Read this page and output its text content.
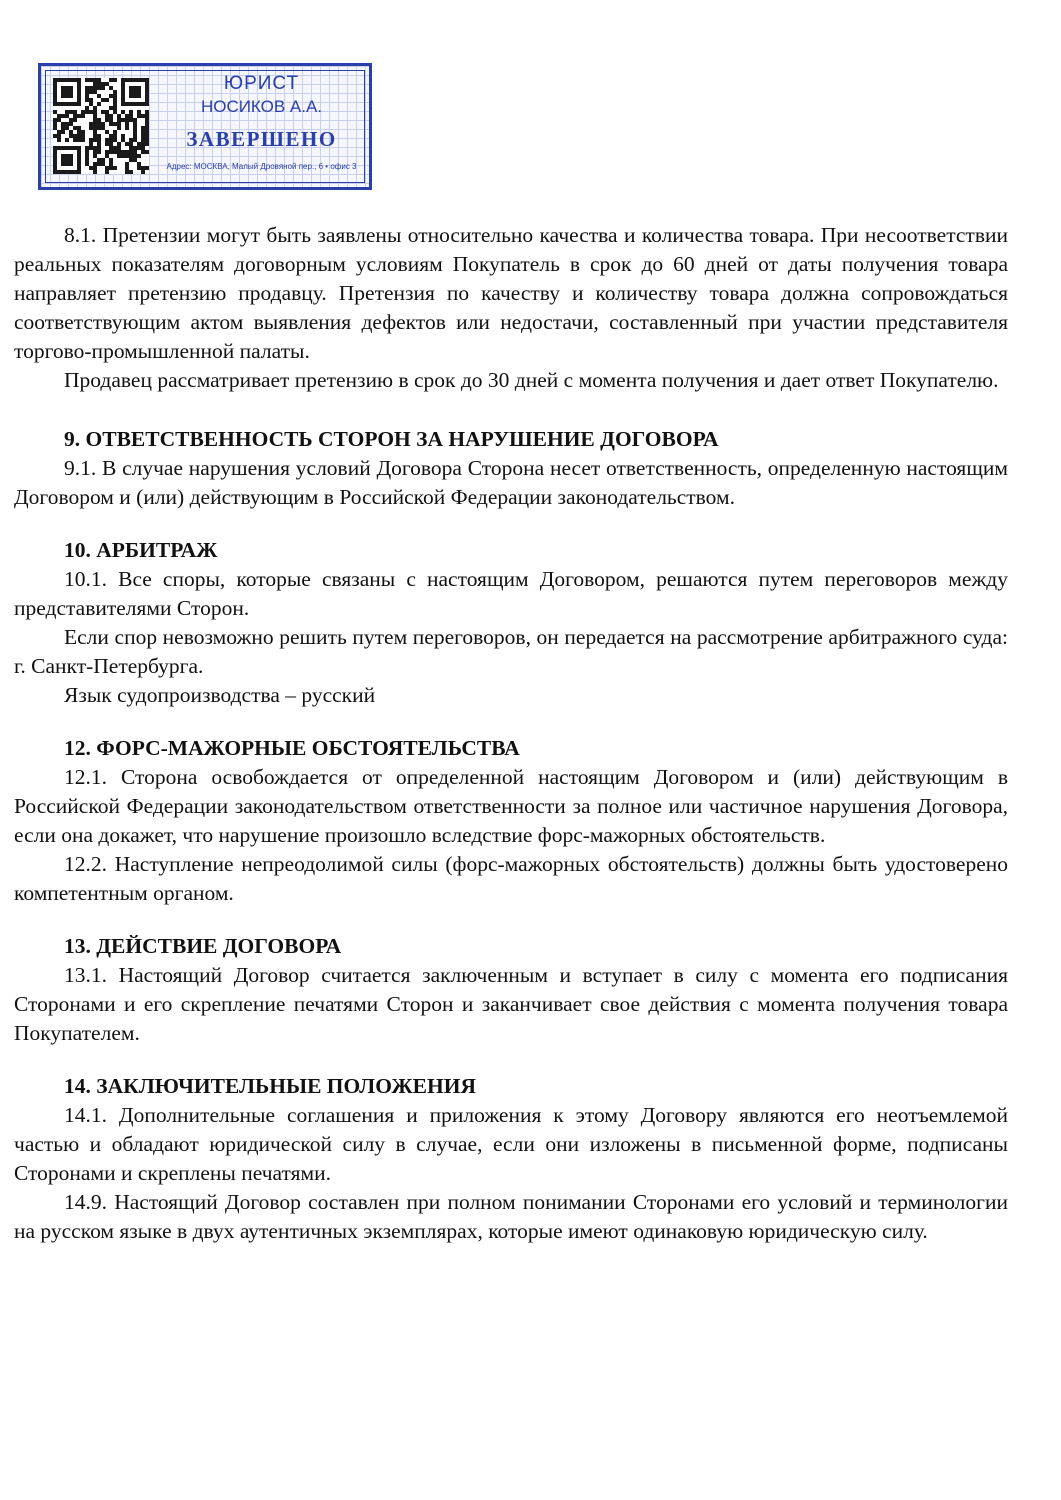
ЮРИСТ
НОСИКОВ А.А.
ЗАВЕРШЕНО
Адрес: МОСКВА, Малый Дровяной пер., 6 • офис 3

8.1. Претензии могут быть заявлены относительно качества и количества товара. При несоответствии реальных показателям договорным условиям Покупатель в срок до 60 дней от даты получения товара направляет претензию продавцу. Претензия по качеству и количеству товара должна сопровождаться соответствующим актом выявления дефектов или недостачи, составленный при участии представителя торгово-промышленной палаты.

Продавец рассматривает претензию в срок до 30 дней с момента получения и дает ответ Покупателю.

9. ОТВЕТСТВЕННОСТЬ СТОРОН ЗА НАРУШЕНИЕ ДОГОВОРА

9.1. В случае нарушения условий Договора Сторона несет ответственность, определенную настоящим Договором и (или) действующим в Российской Федерации законодательством.

10. АРБИТРАЖ

10.1. Все споры, которые связаны с настоящим Договором, решаются путем переговоров между представителями Сторон.

Если спор невозможно решить путем переговоров, он передается на рассмотрение арбитражного суда: г. Санкт-Петербурга.

Язык судопроизводства – русский

12. ФОРС-МАЖОРНЫЕ ОБСТОЯТЕЛЬСТВА

12.1. Сторона освобождается от определенной настоящим Договором и (или) действующим в Российской Федерации законодательством ответственности за полное или частичное нарушения Договора, если она докажет, что нарушение произошло вследствие форс-мажорных обстоятельств.

12.2. Наступление непреодолимой силы (форс-мажорных обстоятельств) должны быть удостоверено компетентным органом.

13. ДЕЙСТВИЕ ДОГОВОРА

13.1. Настоящий Договор считается заключенным и вступает в силу с момента его подписания Сторонами и его скрепление печатями Сторон и заканчивает свое действия с момента получения товара Покупателем.

14. ЗАКЛЮЧИТЕЛЬНЫЕ ПОЛОЖЕНИЯ

14.1. Дополнительные соглашения и приложения к этому Договору являются его неотъемлемой частью и обладают юридической силу в случае, если они изложены в письменной форме, подписаны Сторонами и скреплены печатями.

14.9. Настоящий Договор составлен при полном понимании Сторонами его условий и терминологии на русском языке в двух аутентичных экземплярах, которые имеют одинаковую юридическую силу.
